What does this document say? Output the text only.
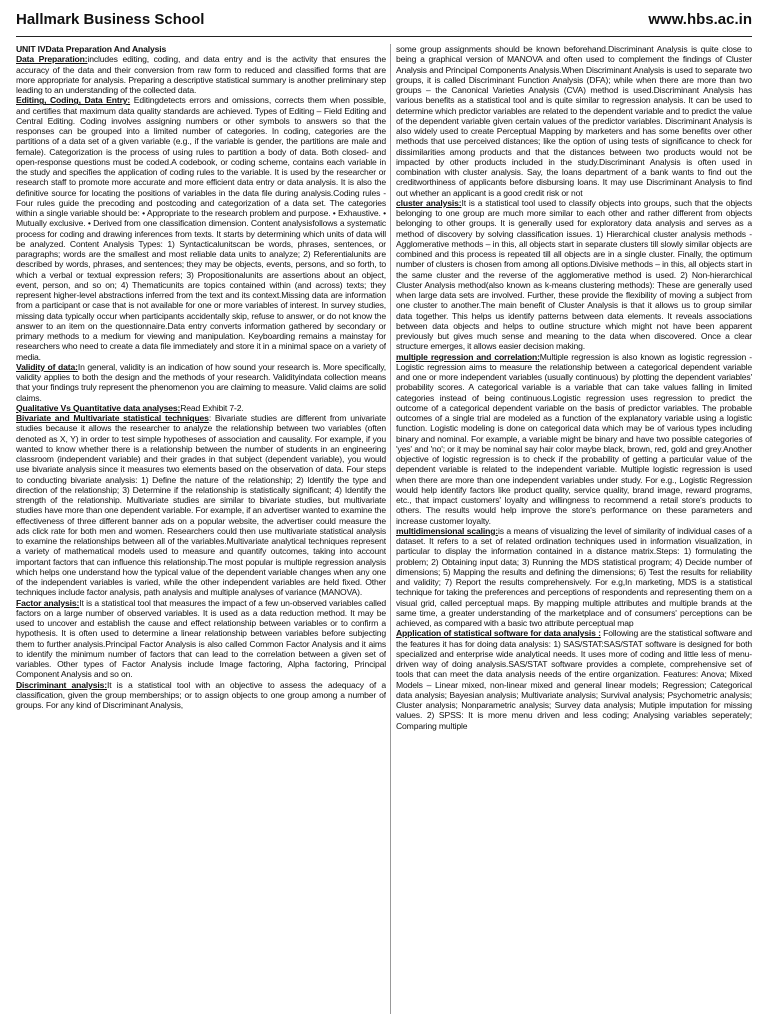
Hallmark Business School	www.hbs.ac.in

UNIT IVData Preparation And Analysis

Data Preparation:includes editing, coding, and data entry and is the activity that ensures the accuracy of the data and their conversion from raw form to reduced and classified forms that are more appropriate for analysis. Preparing a descriptive statistical summary is another preliminary step leading to an understanding of the collected data.

Editing, Coding, Data Entry: Editingdetects errors and omissions, corrects them when possible, and certifies that maximum data quality standards are achieved. Types of Editing – Field Editing and Central Editing. Coding involves assigning numbers or other symbols to answers so that the responses can be grouped into a limited number of categories. In coding, categories are the partitions of a data set of a given variable (e.g., if the variable is gender, the partitions are male and female). Categorization is the process of using rules to partition a body of data. Both closed- and open-response questions must be coded.A codebook, or coding scheme, contains each variable in the study and specifies the application of coding rules to the variable. It is used by the researcher or research staff to promote more accurate and more efficient data entry or data analysis. It is also the definitive source for locating the positions of variables in the data file during analysis.Coding rules - Four rules guide the precoding and postcoding and categorization of a data set. The categories within a single variable should be: • Appropriate to the research problem and purpose. • Exhaustive. • Mutually exclusive. • Derived from one classification dimension. Content analysisfollows a systematic process for coding and drawing inferences from texts. It starts by determining which units of data will be analyzed. Content Analysis Types: 1) Syntacticalunitscan be words, phrases, sentences, or paragraphs; words are the smallest and most reliable data units to analyze; 2) Referentialunits are described by words, phrases, and sentences; they may be objects, events, persons, and so forth, to which a verbal or textual expression refers; 3) Propositionalunits are assertions about an object, event, person, and so on; 4) Thematicunits are topics contained within (and across) texts; they represent higher-level abstractions inferred from the text and its context.Missing data are information from a participant or case that is not available for one or more variables of interest. In survey studies, missing data typically occur when participants accidentally skip, refuse to answer, or do not know the answer to an item on the questionnaire.Data entry converts information gathered by secondary or primary methods to a medium for viewing and manipulation. Keyboarding remains a mainstay for researchers who need to create a data file immediately and store it in a minimal space on a variety of media.

Validity of data:In general, validity is an indication of how sound your research is. More specifically, validity applies to both the design and the methods of your research. Validityindata collection means that your findings truly represent the phenomenon you are claiming to measure. Valid claims are solid claims.

Qualitative Vs Quantitative data analyses:Read Exhibit 7-2.

Bivariate and Multivariate statistical techniques: Bivariate studies are different from univariate studies because it allows the researcher to analyze the relationship between two variables (often denoted as X, Y) in order to test simple hypotheses of association and causality. For example, if you wanted to know whether there is a relationship between the number of students in an engineering classroom (independent variable) and their grades in that subject (dependent variable), you would use bivariate analysis since it measures two elements based on the observation of data. Four steps to conducting bivariate analysis: 1) Define the nature of the relationship; 2) Identify the type and direction of the relationship; 3) Determine if the relationship is statistically significant; 4) Identify the strength of the relationship. Multivariate studies are similar to bivariate studies, but multivariate studies have more than one dependent variable. For example, if an advertiser wanted to examine the effectiveness of three different banner ads on a popular website, the advertiser could measure the ads click rate for both men and women. Researchers could then use multivariate statistical analysis to examine the relationships between all of the variables.Multivariate analytical techniques represent a variety of mathematical models used to measure and quantify outcomes, taking into account important factors that can influence this relationship.The most popular is multiple regression analysis which helps one understand how the typical value of the dependent variable changes when any one of the independent variables is varied, while the other independent variables are held fixed. Other techniques include factor analysis, path analysis and multiple analyses of variance (MANOVA).

Factor analysis:It is a statistical tool that measures the impact of a few un-observed variables called factors on a large number of observed variables. It is used as a data reduction method. It may be used to uncover and establish the cause and effect relationship between variables or to confirm a hypothesis. It is often used to determine a linear relationship between variables before subjecting them to further analysis.Principal Factor Analysis is also called Common Factor Analysis and it aims to identify the minimum number of factors that can lead to the correlation between a given set of variables. Other types of Factor Analysis include Image factoring, Alpha factoring, Principal Component Analysis and so on.

Discriminant analysis:It is a statistical tool with an objective to assess the adequacy of a classification, given the group memberships; or to assign objects to one group among a number of groups. For any kind of Discriminant Analysis,

some group assignments should be known beforehand.Discriminant Analysis is quite close to being a graphical version of MANOVA and often used to complement the findings of Cluster Analysis and Principal Components Analysis.When Discriminant Analysis is used to separate two groups, it is called Discriminant Function Analysis (DFA); while when there are more than two groups – the Canonical Varieties Analysis (CVA) method is used.Discriminant Analysis has various benefits as a statistical tool and is quite similar to regression analysis. It can be used to determine which predictor variables are related to the dependent variable and to predict the value of the dependent variable given certain values of the predictor variables. Discriminant Analysis is also widely used to create Perceptual Mapping by marketers and has some benefits over other methods that use perceived distances; like the option of using tests of significance to check for dissimilarities among products and that the distances between two products would not be impacted by other products included in the study.Discriminant Analysis is often used in combination with cluster analysis. Say, the loans department of a bank wants to find out the creditworthiness of applicants before disbursing loans. It may use Discriminant Analysis to find out whether an applicant is a good credit risk or not

cluster analysis:It is a statistical tool used to classify objects into groups, such that the objects belonging to one group are much more similar to each other and rather different from objects belonging to other groups. It is generally used for exploratory data analysis and serves as a method of discovery by solving classification issues. 1) Hierarchical cluster analysis methods - Agglomerative methods – in this, all objects start in separate clusters till slowly similar objects are combined and this process is repeated till all objects are in a single cluster. Finally, the optimum number of clusters is chosen from among all options.Divisive methods – in this, all objects start in the same cluster and the reverse of the agglomerative method is used. 2) Non-hierarchical Cluster Analysis method(also known as k-means clustering methods): These are generally used when large data sets are involved. Further, these provide the flexibility of moving a subject from one cluster to another.The main benefit of Cluster Analysis is that it allows us to group similar data together. This helps us identify patterns between data elements. It reveals associations between data objects and helps to outline structure which might not have been apparent previously but gives much sense and meaning to the data when discovered. Once a clear structure emerges, it allows easier decision making.

multiple regression and correlation:Multiple regression is also known as logistic regression - Logistic regression aims to measure the relationship between a categorical dependent variable and one or more independent variables (usually continuous) by plotting the dependent variables' probability scores. A categorical variable is a variable that can take values falling in limited categories instead of being continuous.Logistic regression uses regression to predict the outcome of a categorical dependent variable on the basis of predictor variables. The probable outcomes of a single trial are modeled as a function of the explanatory variable using a logistic function. Logistic modeling is done on categorical data which may be of various types including binary and nominal. For example, a variable might be binary and have two possible categories of 'yes' and 'no'; or it may be nominal say hair color maybe black, brown, red, gold and grey.Another objective of logistic regression is to check if the probability of getting a particular value of the dependent variable is related to the independent variable. Multiple logistic regression is used when there are more than one independent variables under study. For e.g., Logistic Regression would help identify factors like product quality, service quality, brand image, reward programs, etc., that impact customers' loyalty and willingness to recommend a retail store's products to others. The results would help improve the store's performance on these parameters and increase customer loyalty.

multidimensional scaling:is a means of visualizing the level of similarity of individual cases of a dataset. It refers to a set of related ordination techniques used in information visualization, in particular to display the information contained in a distance matrix.Steps: 1) formulating the problem; 2) Obtaining input data; 3) Running the MDS statistical program; 4) Decide number of dimensions; 5) Mapping the results and defining the dimensions; 6) Test the results for reliability and validity; 7) Report the results comprehensively. For e.g,In marketing, MDS is a statistical technique for taking the preferences and perceptions of respondents and representing them on a visual grid, called perceptual maps. By mapping multiple attributes and multiple brands at the same time, a greater understanding of the marketplace and of consumers' perceptions can be achieved, as compared with a basic two attribute perceptual map

Application of statistical software for data analysis : Following are the statistical software and the features it has for doing data analysis: 1) SAS/STAT:SAS/STAT software is designed for both specialized and enterprise wide analytical needs. It uses more of coding and little less of menu-driven way of doing analysis.SAS/STAT software provides a complete, comprehensive set of tools that can meet the data analysis needs of the entire organization. Features: Anova; Mixed Models – Linear mixed, non-linear mixed and general linear models; Regression; Categorical data analysis; Bayesian analysis; Multivariate analysis; Survival analysis; Psychometric analysis; Cluster analysis; Nonparametric analysis; Survey data analysis; Mutiple imputation for missing values. 2) SPSS: It is more menu driven and less coding; Analysing variables seperately; Comparing multiple
